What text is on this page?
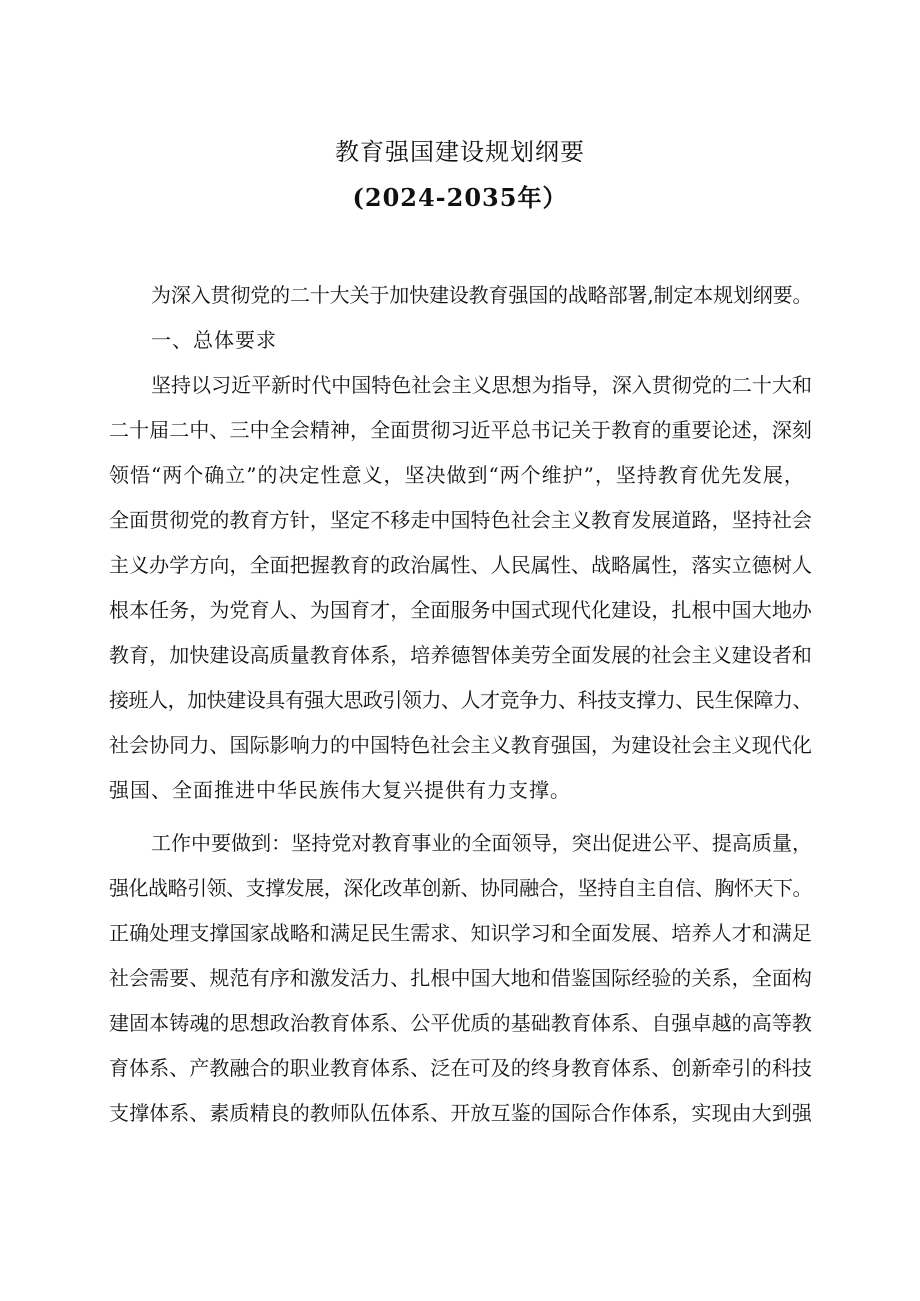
教育强国建设规划纲要
(2024-2035年）
为深入贯彻党的二十大关于加快建设教育强国的战略部署,制定本规划纲要。
一、总体要求
坚持以习近平新时代中国特色社会主义思想为指导，深入贯彻党的二十大和
二十届二中、三中全会精神，全面贯彻习近平总书记关于教育的重要论述，深刻
领悟“两个确立”的决定性意义，坚决做到“两个维护”，坚持教育优先发展，
全面贯彻党的教育方针，坚定不移走中国特色社会主义教育发展道路，坚持社会
主义办学方向，全面把握教育的政治属性、人民属性、战略属性，落实立德树人
根本任务，为党育人、为国育才，全面服务中国式现代化建设，扎根中国大地办
教育，加快建设高质量教育体系，培养德智体美劳全面发展的社会主义建设者和
接班人，加快建设具有强大思政引领力、人才竞争力、科技支撑力、民生保障力、
社会协同力、国际影响力的中国特色社会主义教育强国，为建设社会主义现代化
强国、全面推进中华民族伟大复兴提供有力支撑。
工作中要做到：坚持党对教育事业的全面领导，突出促进公平、提高质量，
强化战略引领、支撑发展，深化改革创新、协同融合，坚持自主自信、胸怀天下。
正确处理支撑国家战略和满足民生需求、知识学习和全面发展、培养人才和满足
社会需要、规范有序和激发活力、扎根中国大地和借鉴国际经验的关系，全面构
建固本铸魂的思想政治教育体系、公平优质的基础教育体系、自强卓越的高等教
育体系、产教融合的职业教育体系、泛在可及的终身教育体系、创新牵引的科技
支撑体系、素质精良的教师队伍体系、开放互鉴的国际合作体系，实现由大到强
